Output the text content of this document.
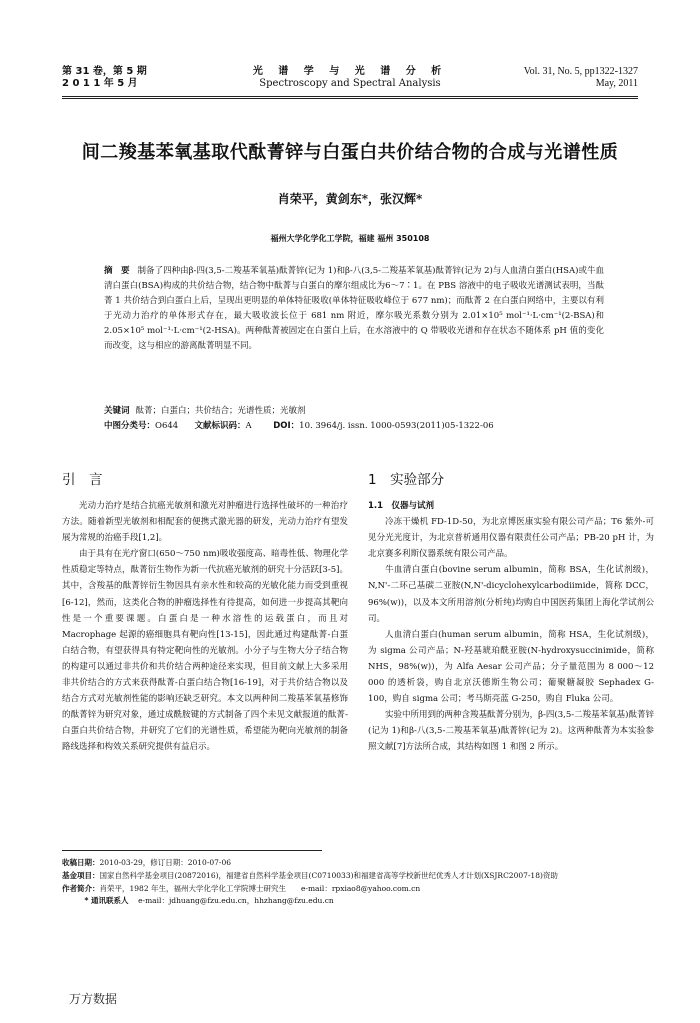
第 31 卷，第 5 期
2 0 1 1 年 5 月
光 谱 学 与 光 谱 分 析
Spectroscopy and Spectral Analysis
Vol. 31, No. 5, pp1322-1327
May, 2011
间二羧基苯氧基取代酞菁锌与白蛋白共价结合物的合成与光谱性质
肖荣平，黄剑东*，张汉辉*
福州大学化学化工学院，福建 福州 350108
摘　要 制备了四种由β-四(3,5-二羧基苯氧基)酞菁锌(记为 1)和β-八(3,5-二羧基苯氧基)酞菁锌(记为 2)与人血清白蛋白(HSA)或牛血清白蛋白(BSA)构成的共价结合物，结合物中酞菁与白蛋白的摩尔组成比为6～7∶1。在 PBS 溶液中的电子吸收光谱测试表明，当酞菁 1 共价结合到白蛋白上后，呈现出更明显的单体特征吸收(单体特征吸收峰位于 677 nm)；而酞菁 2 在白蛋白网络中，主要以有利于光动力治疗的单体形式存在，最大吸收波长位于 681 nm 附近，摩尔吸光系数分别为 2.01×10⁵ mol⁻¹·L·cm⁻¹(2-BSA)和 2.05×10⁵ mol⁻¹·L·cm⁻¹(2-HSA)。两种酞菁被固定在白蛋白上后，在水溶液中的 Q 带吸收光谱和存在状态不随体系 pH 值的变化而改变，这与相应的游离酞菁明显不同。
关键词 酞菁；白蛋白；共价结合；光谱性质；光敏剂
中图分类号：O644 文献标识码：A	DOI：10. 3964/j. issn. 1000-0593(2011)05-1322-06
引　言	1　实验部分

光动力治疗是结合抗癌光敏剂和激光对肿瘤进行选择性破坏的一种治疗方法。随着新型光敏剂和相配套的便携式激光器的研发，光动力治疗有望发展为常规的治癌手段[1,2]。

由于具有在光疗窗口(650～750 nm)吸收强度高、暗毒性低、物理化学性质稳定等特点，酞菁衍生物作为新一代抗癌光敏剂的研究十分活跃[3-5]。其中，含羧基的酞菁锌衍生物因具有亲水性和较高的光敏化能力而受到重视[6-12]，然而，这类化合物的肿瘤选择性有待提高，如何进一步提高其靶向性是一个重要课题。白蛋白是一种水溶性的运载蛋白，而且对 Macrophage 起源的癌细胞具有靶向性[13-15]，因此通过构建酞菁-白蛋白结合物，有望获得具有特定靶向性的光敏剂。小分子与生物大分子结合物的构建可以通过非共价和共价结合两种途径来实现，但目前文献上大多采用非共价结合的方式来获得酞菁-白蛋白结合物[16-19]，对于共价结合物以及结合方式对光敏剂性能的影响还缺乏研究。本文以两种间二羧基苯氧基修饰的酞菁锌为研究对象，通过成酰胺键的方式制备了四个未见文献报道的酞菁-白蛋白共价结合物，并研究了它们的光谱性质，希望能为靶向光敏剂的制备路线选择和构效关系研究提供有益启示。

1.1　仪器与试剂

冷冻干燥机 FD-1D-50，为北京博医康实验有限公司产品；T6 紫外-可见分光光度计，为北京普析通用仪器有限责任公司产品；PB-20 pH 计，为北京赛多利斯仪器系统有限公司产品。

牛血清白蛋白(bovine serum albumin，简称 BSA，生化试剂级)，N,N'-二环己基碳二亚胺(N,N'-dicyclohexylcarbodiimide，简称 DCC，96%(w))，以及本文所用溶剂(分析纯)均购自中国医药集团上海化学试剂公司。

人血清白蛋白(human serum albumin，简称 HSA，生化试剂级)，为 sigma 公司产品；N-羟基琥珀酰亚胺(N-hydroxysuccinimide，简称 NHS，98%(w))，为 Alfa Aesar 公司产品；分子量范围为 8 000～12 000 的透析袋，购自北京沃德斯生物公司；葡聚糖凝胶 Sephadex G-100，购自 sigma 公司；考马斯亮蓝 G-250，购自 Fluka 公司。

实验中所用到的两种含羧基酞菁分别为，β-四(3,5-二羧基苯氧基)酞菁锌(记为 1)和β-八(3,5-二羧基苯氧基)酞菁锌(记为 2)。这两种酞菁为本实验参照文献[7]方法所合成，其结构如图 1 和图 2 所示。

收稿日期：2010-03-29，修订日期：2010-07-06
基金项目：国家自然科学基金项目(20872016)，福建省自然科学基金项目(C0710033)和福建省高等学校新世纪优秀人才计划(XSJRC2007-18)资助
作者简介：肖荣平，1982 年生，福州大学化学化工学院博士研究生　　e-mail：rpxiao8@yahoo.com.cn
* 通讯联系人 e-mail：jdhuang@fzu.edu.cn，hhzhang@fzu.edu.cn
万方数据
